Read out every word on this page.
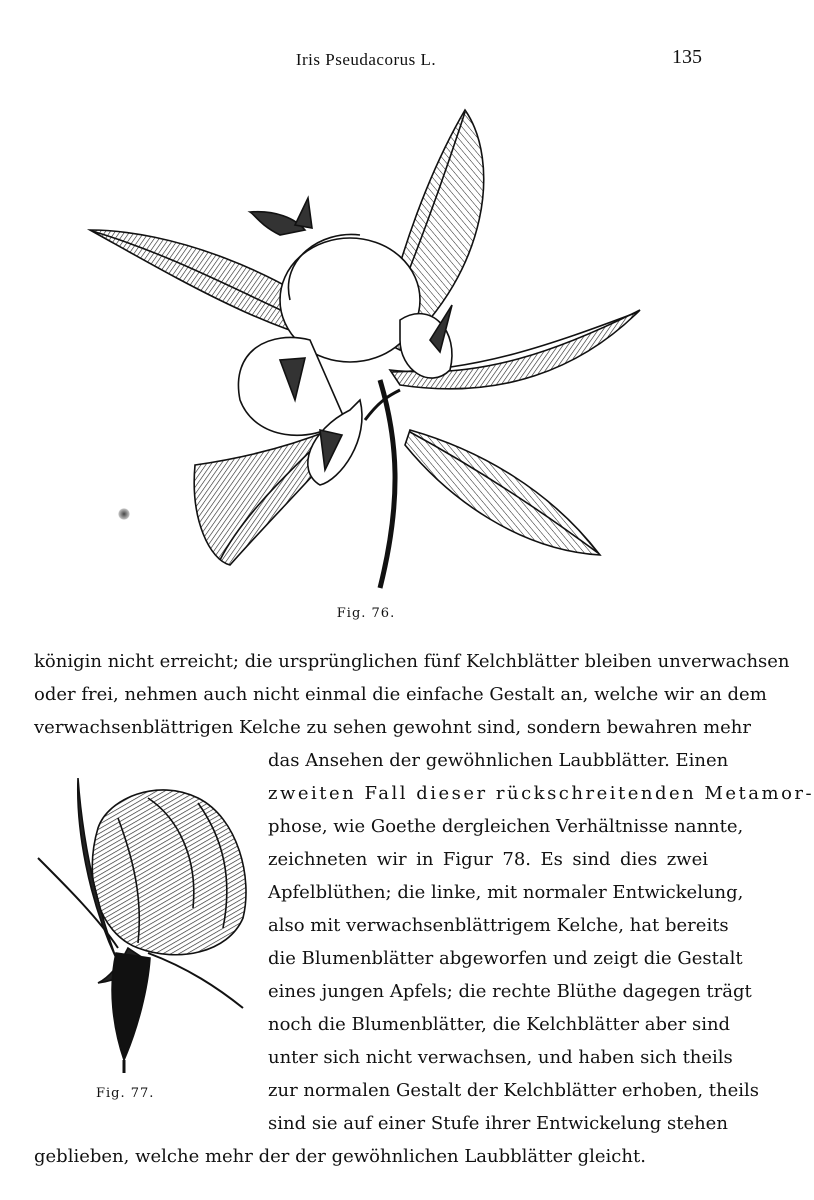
Iris Pseudacorus L.	135
Fig. 76.
königin nicht erreicht; die ursprünglichen fünf Kelchblätter bleiben unverwachsen
oder frei, nehmen auch nicht einmal die einfache Gestalt an, welche wir an dem
verwachsenblättrigen Kelche zu sehen gewohnt sind, sondern bewahren mehr
das Ansehen der gewöhnlichen Laubblätter. Einen
zweiten Fall dieser rückschreitenden Metamor-
phose, wie Goethe dergleichen Verhältnisse nannte,
zeichneten wir in Figur 78. Es sind dies zwei
Apfelblüthen; die linke, mit normaler Entwickelung,
also mit verwachsenblättrigem Kelche, hat bereits
die Blumenblätter abgeworfen und zeigt die Gestalt
eines jungen Apfels; die rechte Blüthe dagegen trägt
noch die Blumenblätter, die Kelchblätter aber sind
unter sich nicht verwachsen, und haben sich theils
zur normalen Gestalt der Kelchblätter erhoben, theils
sind sie auf einer Stufe ihrer Entwickelung stehen
geblieben, welche mehr der der gewöhnlichen Laubblätter gleicht.
Fig. 77.
